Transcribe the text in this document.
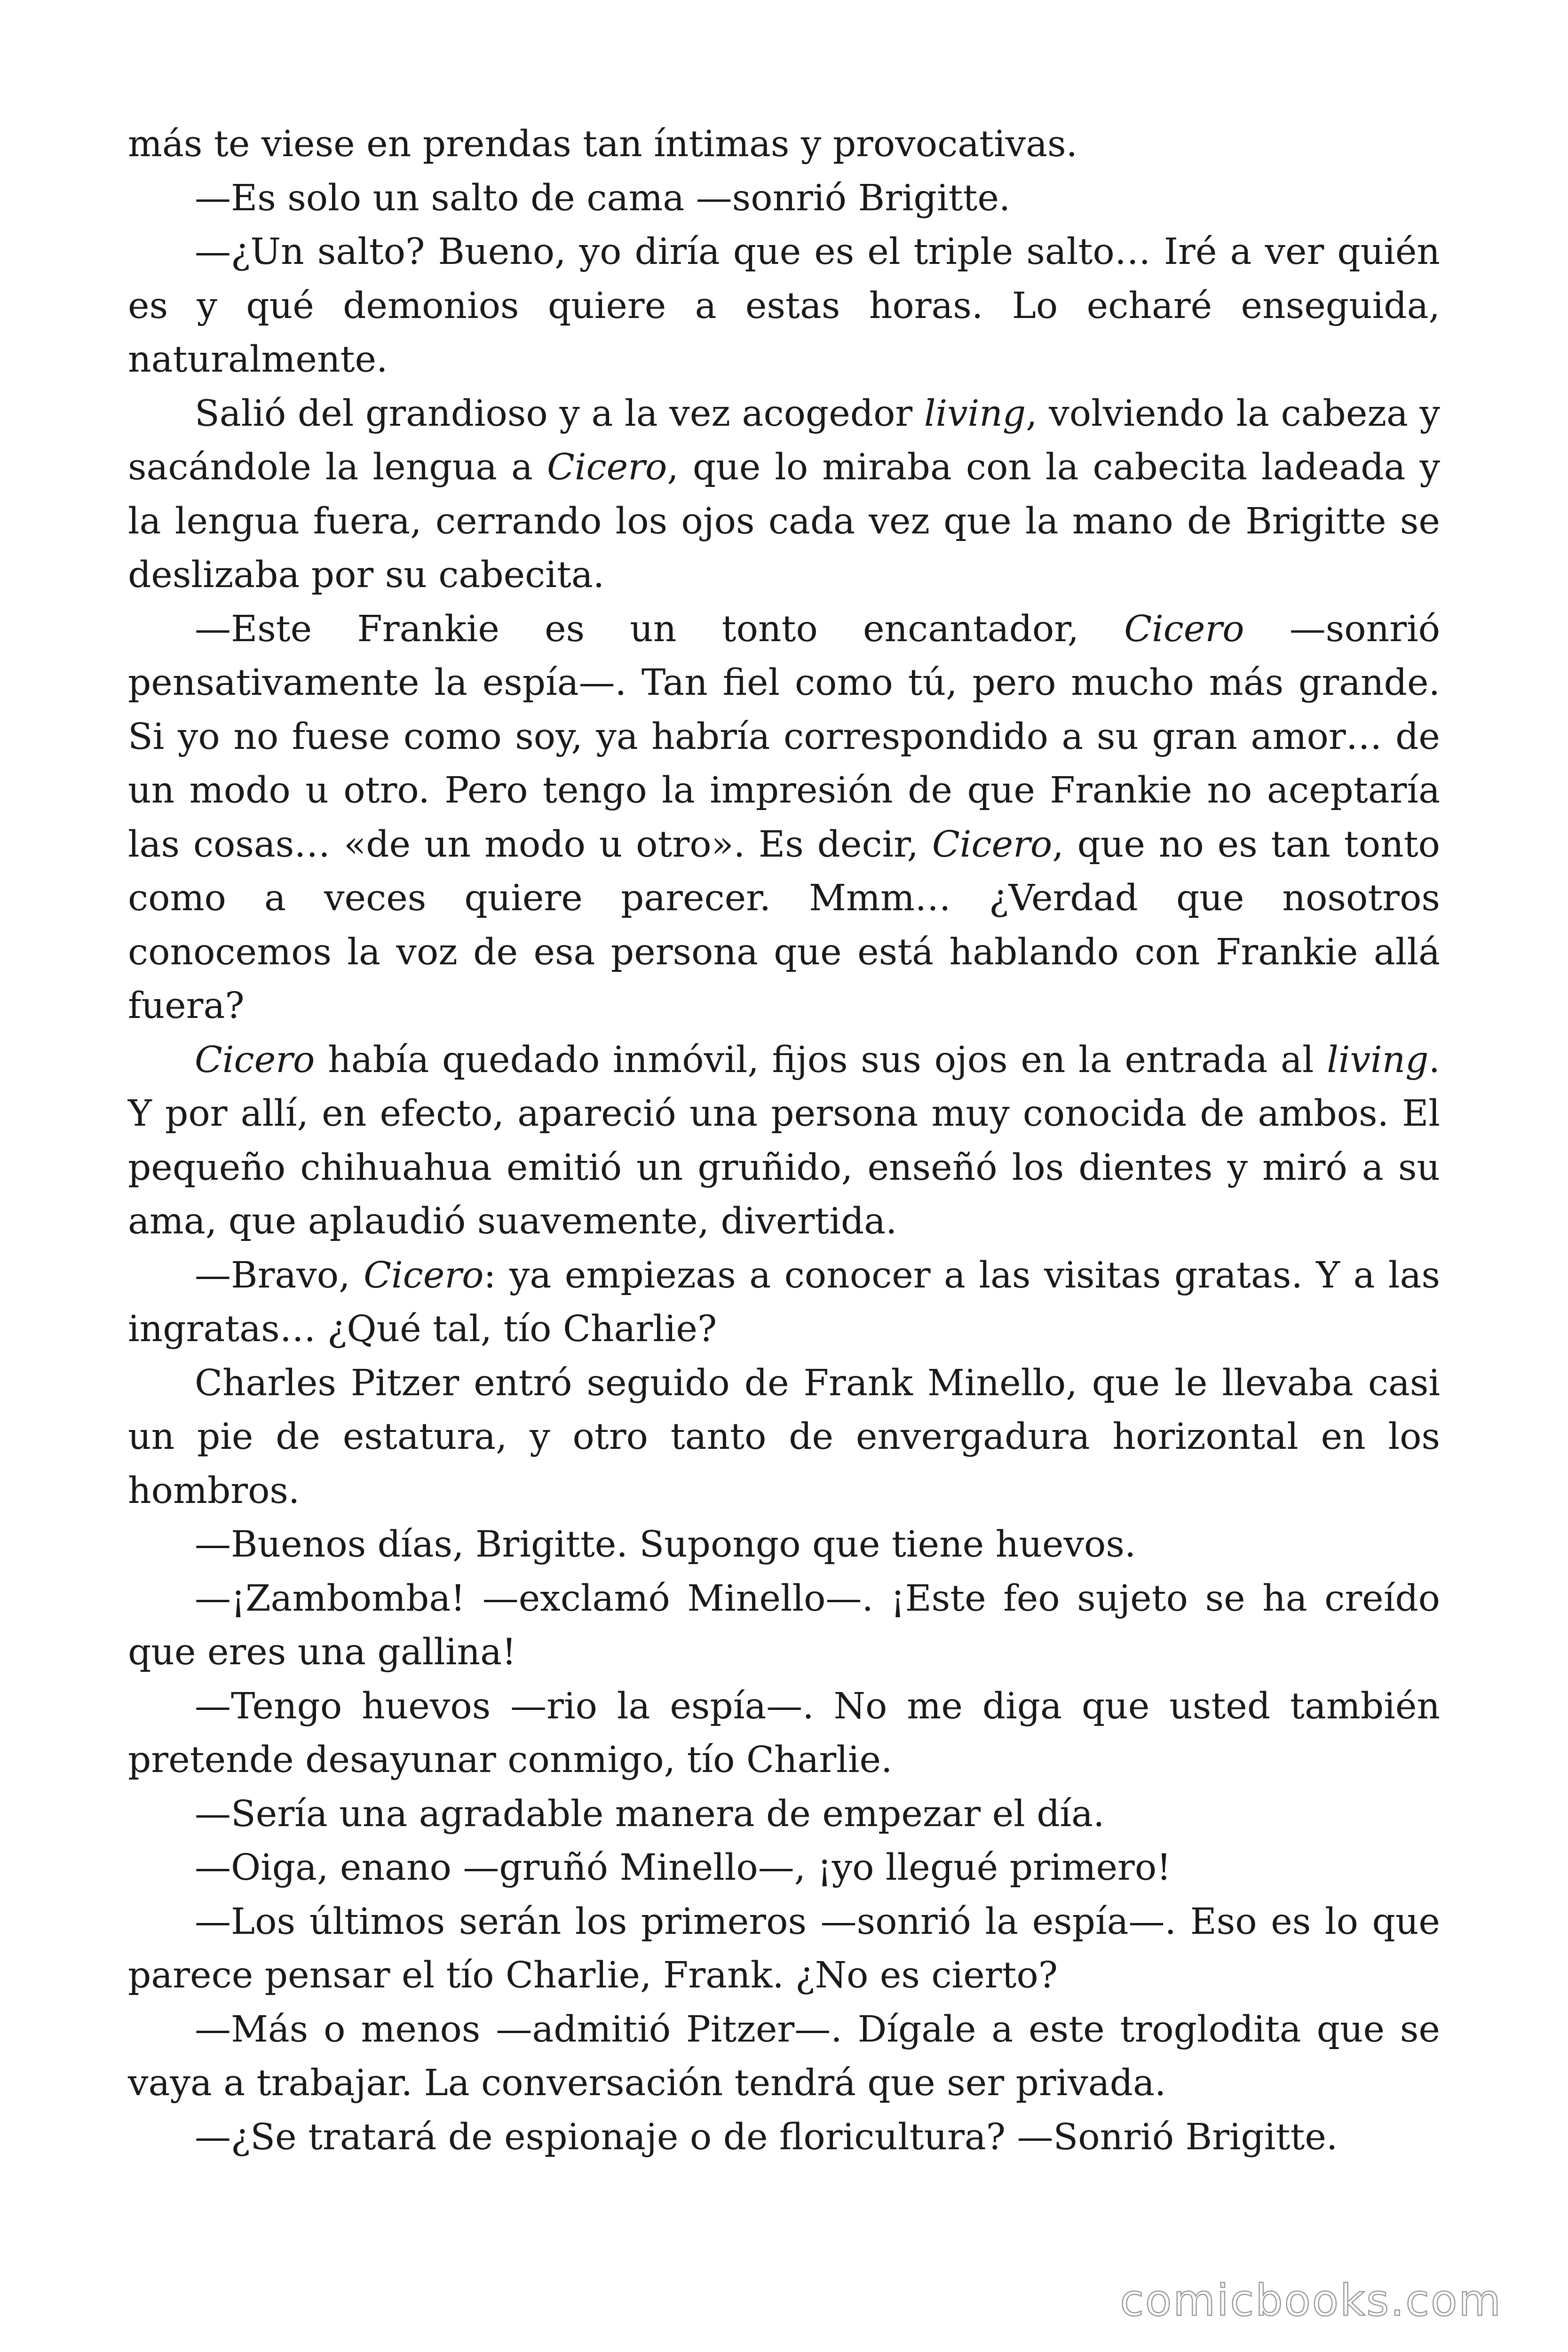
más te viese en prendas tan íntimas y provocativas.

—Es solo un salto de cama —sonrió Brigitte.

—¿Un salto? Bueno, yo diría que es el triple salto… Iré a ver quién es y qué demonios quiere a estas horas. Lo echaré enseguida, naturalmente.

Salió del grandioso y a la vez acogedor living, volviendo la cabeza y sacándole la lengua a Cicero, que lo miraba con la cabecita ladeada y la lengua fuera, cerrando los ojos cada vez que la mano de Brigitte se deslizaba por su cabecita.

—Este Frankie es un tonto encantador, Cicero —sonrió pensativamente la espía—. Tan fiel como tú, pero mucho más grande. Si yo no fuese como soy, ya habría correspondido a su gran amor… de un modo u otro. Pero tengo la impresión de que Frankie no aceptaría las cosas… «de un modo u otro». Es decir, Cicero, que no es tan tonto como a veces quiere parecer. Mmm… ¿Verdad que nosotros conocemos la voz de esa persona que está hablando con Frankie allá fuera?

Cicero había quedado inmóvil, fijos sus ojos en la entrada al living. Y por allí, en efecto, apareció una persona muy conocida de ambos. El pequeño chihuahua emitió un gruñido, enseñó los dientes y miró a su ama, que aplaudió suavemente, divertida.

—Bravo, Cicero: ya empiezas a conocer a las visitas gratas. Y a las ingratas… ¿Qué tal, tío Charlie?

Charles Pitzer entró seguido de Frank Minello, que le llevaba casi un pie de estatura, y otro tanto de envergadura horizontal en los hombros.

—Buenos días, Brigitte. Supongo que tiene huevos.

—¡Zambomba! —exclamó Minello—. ¡Este feo sujeto se ha creído que eres una gallina!

—Tengo huevos —rio la espía—. No me diga que usted también pretende desayunar conmigo, tío Charlie.

—Sería una agradable manera de empezar el día.

—Oiga, enano —gruñó Minello—, ¡yo llegué primero!

—Los últimos serán los primeros —sonrió la espía—. Eso es lo que parece pensar el tío Charlie, Frank. ¿No es cierto?

—Más o menos —admitió Pitzer—. Dígale a este troglodita que se vaya a trabajar. La conversación tendrá que ser privada.

—¿Se tratará de espionaje o de floricultura? —Sonrió Brigitte.

comicbooks.com
